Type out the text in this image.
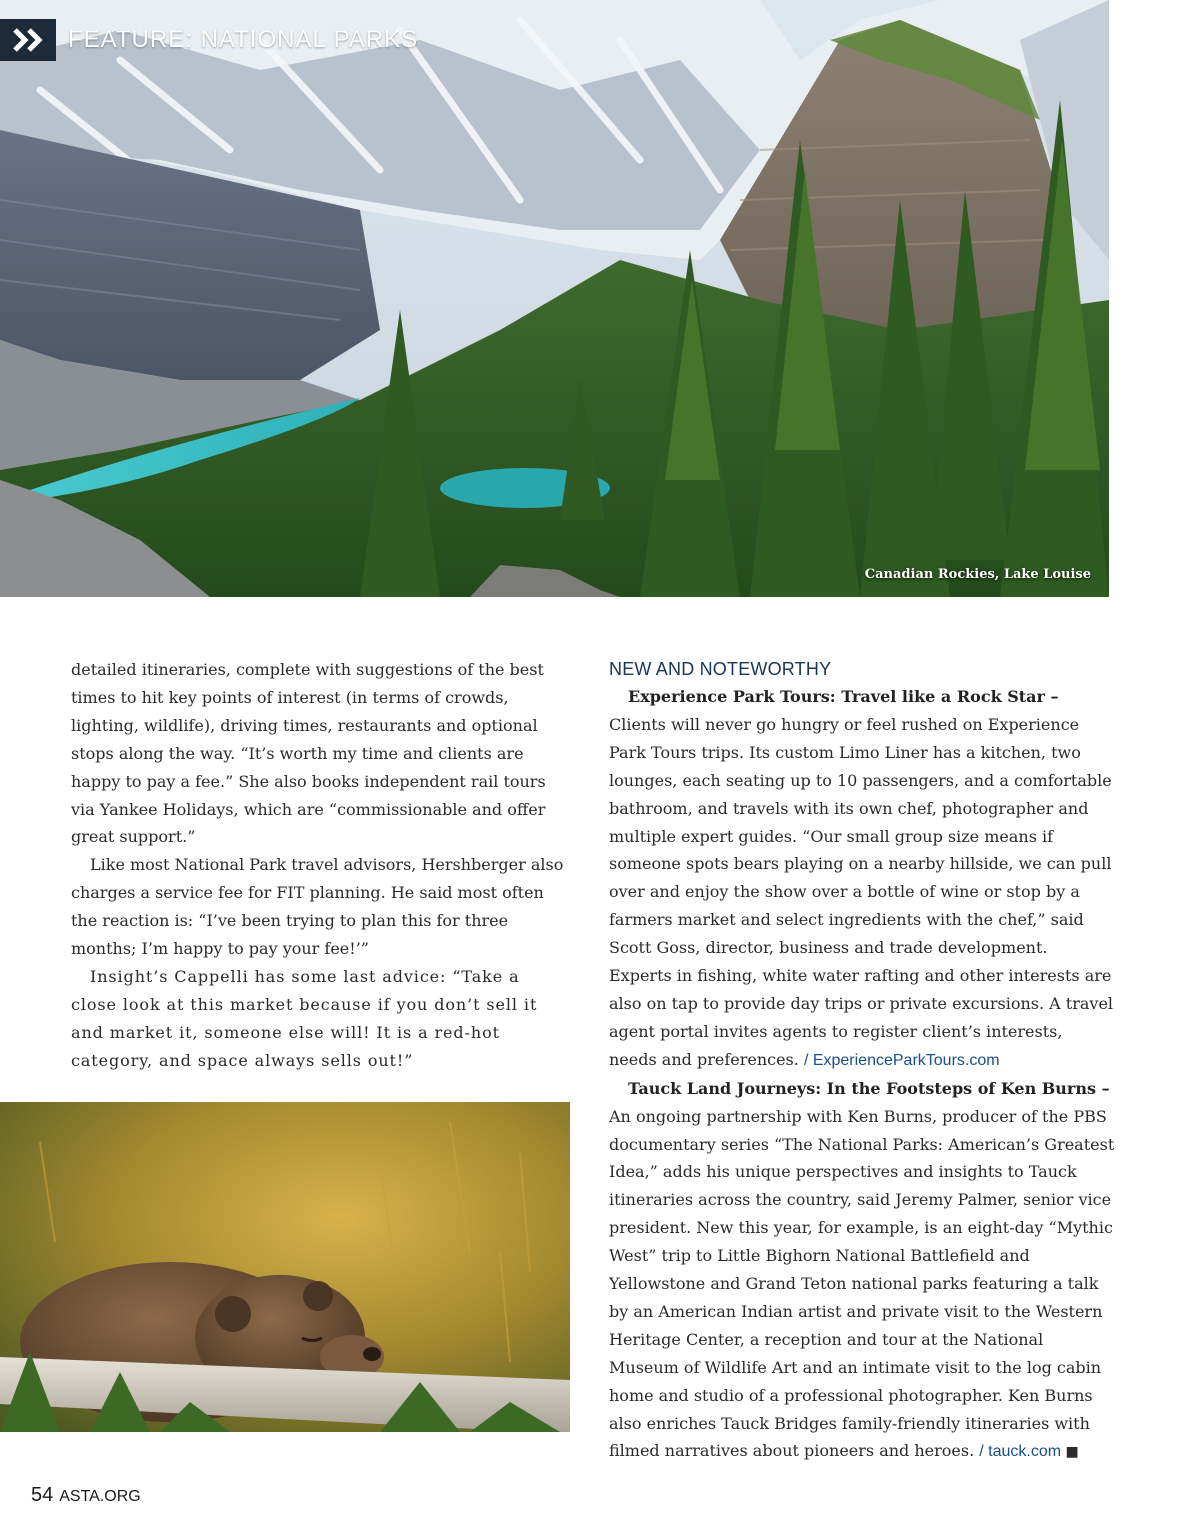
FEATURE: NATIONAL PARKS
Canadian Rockies, Lake Louise

detailed itineraries, complete with suggestions of the best times to hit key points of interest (in terms of crowds, lighting, wildlife), driving times, restaurants and optional stops along the way. “It’s worth my time and clients are happy to pay a fee.” She also books independent rail tours via Yankee Holidays, which are “commissionable and offer great support.”

Like most National Park travel advisors, Hershberger also charges a service fee for FIT planning. He said most often the reaction is: “I’ve been trying to plan this for three months; I’m happy to pay your fee!’”

Insight’s Cappelli has some last advice: “Take a close look at this market because if you don’t sell it and market it, someone else will! It is a red-hot category, and space always sells out!”

NEW AND NOTEWORTHY

Experience Park Tours: Travel like a Rock Star – Clients will never go hungry or feel rushed on Experience Park Tours trips. Its custom Limo Liner has a kitchen, two lounges, each seating up to 10 passengers, and a comfortable bathroom, and travels with its own chef, photographer and multiple expert guides. “Our small group size means if someone spots bears playing on a nearby hillside, we can pull over and enjoy the show over a bottle of wine or stop by a farmers market and select ingredients with the chef,” said Scott Goss, director, business and trade development. Experts in fishing, white water rafting and other interests are also on tap to provide day trips or private excursions. A travel agent portal invites agents to register client’s interests, needs and preferences. / ExperienceParkTours.com

Tauck Land Journeys: In the Footsteps of Ken Burns – An ongoing partnership with Ken Burns, producer of the PBS documentary series “The National Parks: American’s Greatest Idea,” adds his unique perspectives and insights to Tauck itineraries across the country, said Jeremy Palmer, senior vice president. New this year, for example, is an eight-day “Mythic West” trip to Little Bighorn National Battlefield and Yellowstone and Grand Teton national parks featuring a talk by an American Indian artist and private visit to the Western Heritage Center, a reception and tour at the National Museum of Wildlife Art and an intimate visit to the log cabin home and studio of a professional photographer. Ken Burns also enriches Tauck Bridges family-friendly itineraries with filmed narratives about pioneers and heroes. / tauck.com ■

54 ASTA.ORG
